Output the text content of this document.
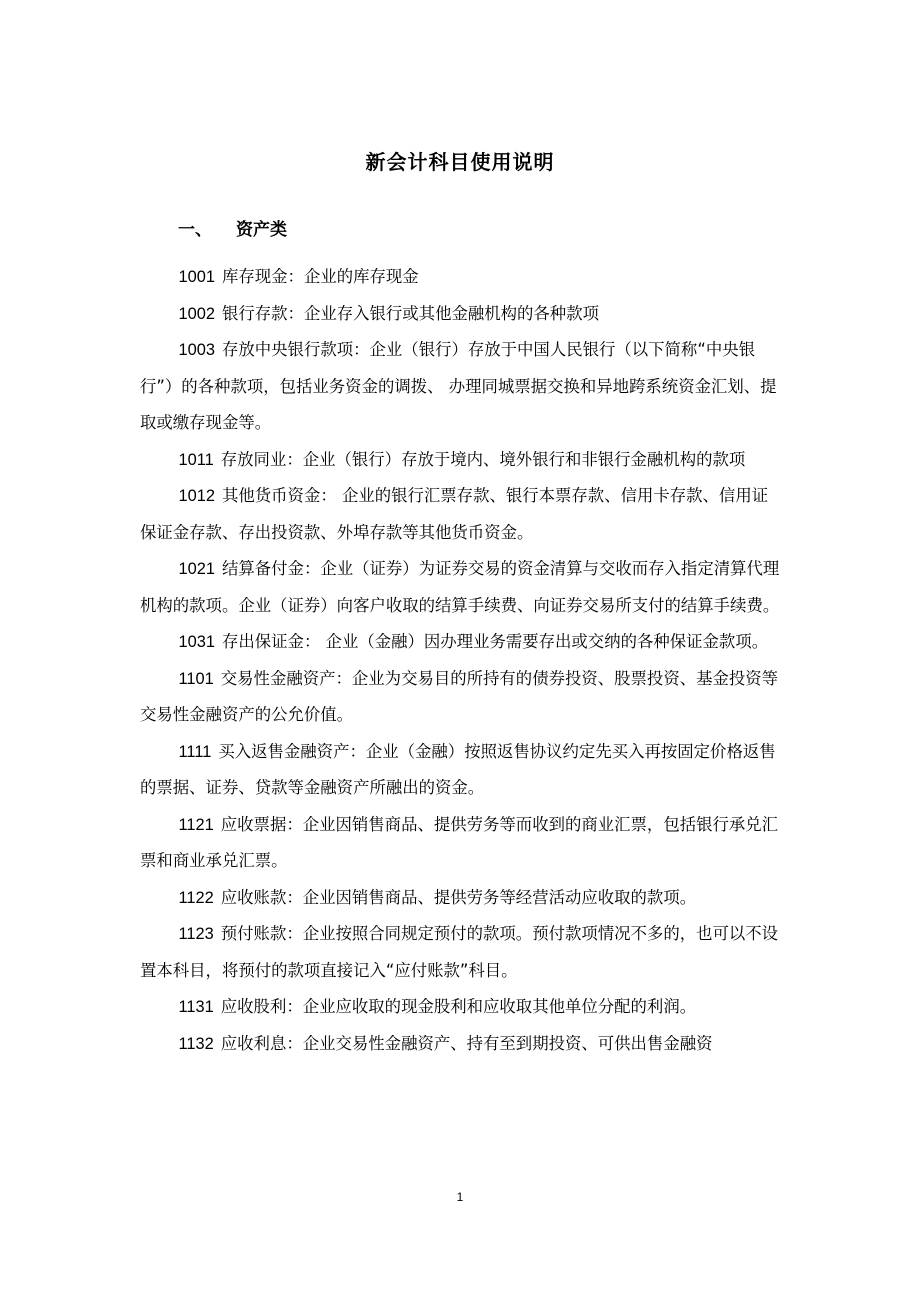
新会计科目使用说明
一、 资产类
1001 库存现金：企业的库存现金
1002 银行存款：企业存入银行或其他金融机构的各种款项
1003 存放中央银行款项：企业（银行）存放于中国人民银行（以下简称“中央银行”）的各种款项，包括业务资金的调拨、 办理同城票据交换和异地跨系统资金汇划、提取或缴存现金等。
1011 存放同业：企业（银行）存放于境内、境外银行和非银行金融机构的款项
1012 其他货币资金： 企业的银行汇票存款、银行本票存款、信用卡存款、信用证保证金存款、存出投资款、外埠存款等其他货币资金。
1021 结算备付金：企业（证券）为证券交易的资金清算与交收而存入指定清算代理机构的款项。企业（证券）向客户收取的结算手续费、向证券交易所支付的结算手续费。
1031 存出保证金： 企业（金融）因办理业务需要存出或交纳的各种保证金款项。
1101 交易性金融资产：企业为交易目的所持有的债券投资、股票投资、基金投资等交易性金融资产的公允价值。
1111 买入返售金融资产：企业（金融）按照返售协议约定先买入再按固定价格返售的票据、证券、贷款等金融资产所融出的资金。
1121 应收票据：企业因销售商品、提供劳务等而收到的商业汇票，包括银行承兑汇票和商业承兑汇票。
1122 应收账款：企业因销售商品、提供劳务等经营活动应收取的款项。
1123 预付账款：企业按照合同规定预付的款项。预付款项情况不多的，也可以不设置本科目，将预付的款项直接记入“应付账款”科目。
1131 应收股利：企业应收取的现金股利和应收取其他单位分配的利润。
1132 应收利息：企业交易性金融资产、持有至到期投资、可供出售金融资
1
